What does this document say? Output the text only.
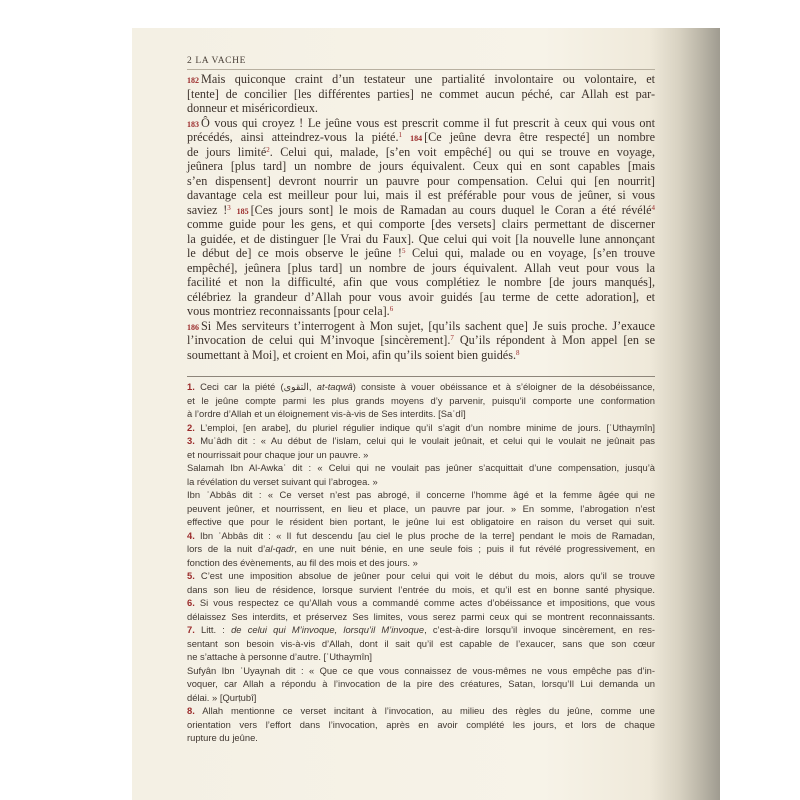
2 LA VACHE
182 Mais quiconque craint d’un testateur une partialité involontaire ou volontaire, et
[tente] de concilier [les différentes parties] ne commet aucun péché, car Allah est par-
donneur et miséricordieux.
183 Ô vous qui croyez ! Le jeûne vous est prescrit comme il fut prescrit à ceux qui vous ont
précédés, ainsi atteindrez-vous la piété.$^1$ 184 [Ce jeûne devra être respecté] un nombre
de jours limité$^2$. Celui qui, malade, [s’en voit empêché] ou qui se trouve en voyage,
jeûnera [plus tard] un nombre de jours équivalent. Ceux qui en sont capables [mais
s’en dispensent] devront nourrir un pauvre pour compensation. Celui qui [en nourrit]
davantage cela est meilleur pour lui, mais il est préférable pour vous de jeûner, si vous
saviez !$^3$ 185 [Ces jours sont] le mois de Ramadan au cours duquel le Coran a été révélé$^4$
comme guide pour les gens, et qui comporte [des versets] clairs permettant de discerner
la guidée, et de distinguer [le Vrai du Faux]. Que celui qui voit [la nouvelle lune annonçant
le début de] ce mois observe le jeûne !$^5$ Celui qui, malade ou en voyage, [s’en trouve
empêché], jeûnera [plus tard] un nombre de jours équivalent. Allah veut pour vous la
facilité et non la difficulté, afin que vous complétiez le nombre [de jours manqués],
célébriez la grandeur d’Allah pour vous avoir guidés [au terme de cette adoration], et
vous montriez reconnaissants [pour cela].$^6$
186 Si Mes serviteurs t’interrogent à Mon sujet, [qu’ils sachent que] Je suis proche. J’exauce
l’invocation de celui qui M’invoque [sincèrement].$^7$ Qu’ils répondent à Mon appel [en se
soumettant à Moi], et croient en Moi, afin qu’ils soient bien guidés.$^8$
1. Ceci car la piété (التقوى, at-taqwâ) consiste à vouer obéissance et à s’éloigner de la désobéissance,
et le jeûne compte parmi les plus grands moyens d’y parvenir, puisqu’il comporte une conformation
à l’ordre d’Allah et un éloignement vis-à-vis de Ses interdits. [Saʿdî]
2. L’emploi, [en arabe], du pluriel régulier indique qu’il s’agit d’un nombre minime de jours. [ʿUthaymîn]
3. Muʿâdh dit : « Au début de l’islam, celui qui le voulait jeûnait, et celui qui le voulait ne jeûnait pas
et nourrissait pour chaque jour un pauvre. »
Salamah Ibn Al-Awkaʿ dit : « Celui qui ne voulait pas jeûner s’acquittait d’une compensation, jusqu’à
la révélation du verset suivant qui l’abrogea. »
Ibn ʿAbbâs dit : « Ce verset n’est pas abrogé, il concerne l’homme âgé et la femme âgée qui ne
peuvent jeûner, et nourrissent, en lieu et place, un pauvre par jour. » En somme, l’abrogation n’est
effective que pour le résident bien portant, le jeûne lui est obligatoire en raison du verset qui suit.
4. Ibn ʿAbbâs dit : « Il fut descendu [au ciel le plus proche de la terre] pendant le mois de Ramadan,
lors de la nuit d’al-qadr, en une nuit bénie, en une seule fois ; puis il fut révélé progressivement, en
fonction des évènements, au fil des mois et des jours. »
5. C’est une imposition absolue de jeûner pour celui qui voit le début du mois, alors qu’il se trouve
dans son lieu de résidence, lorsque survient l’entrée du mois, et qu’il est en bonne santé physique.
6. Si vous respectez ce qu’Allah vous a commandé comme actes d’obéissance et impositions, que vous
délaissez Ses interdits, et préservez Ses limites, vous serez parmi ceux qui se montrent reconnaissants.
7. Litt. : de celui qui M’invoque, lorsqu’il M’invoque, c’est-à-dire lorsqu’il invoque sincèrement, en res-
sentant son besoin vis-à-vis d’Allah, dont il sait qu’il est capable de l’exaucer, sans que son cœur
ne s’attache à personne d’autre. [ʿUthaymîn]
Sufyân Ibn ʿUyaynah dit : « Que ce que vous connaissez de vous-mêmes ne vous empêche pas d’in-
voquer, car Allah a répondu à l’invocation de la pire des créatures, Satan, lorsqu’Il Lui demanda un
délai. » [Qurṭubî]
8. Allah mentionne ce verset incitant à l’invocation, au milieu des règles du jeûne, comme une
orientation vers l’effort dans l’invocation, après en avoir complété les jours, et lors de chaque
rupture du jeûne.
